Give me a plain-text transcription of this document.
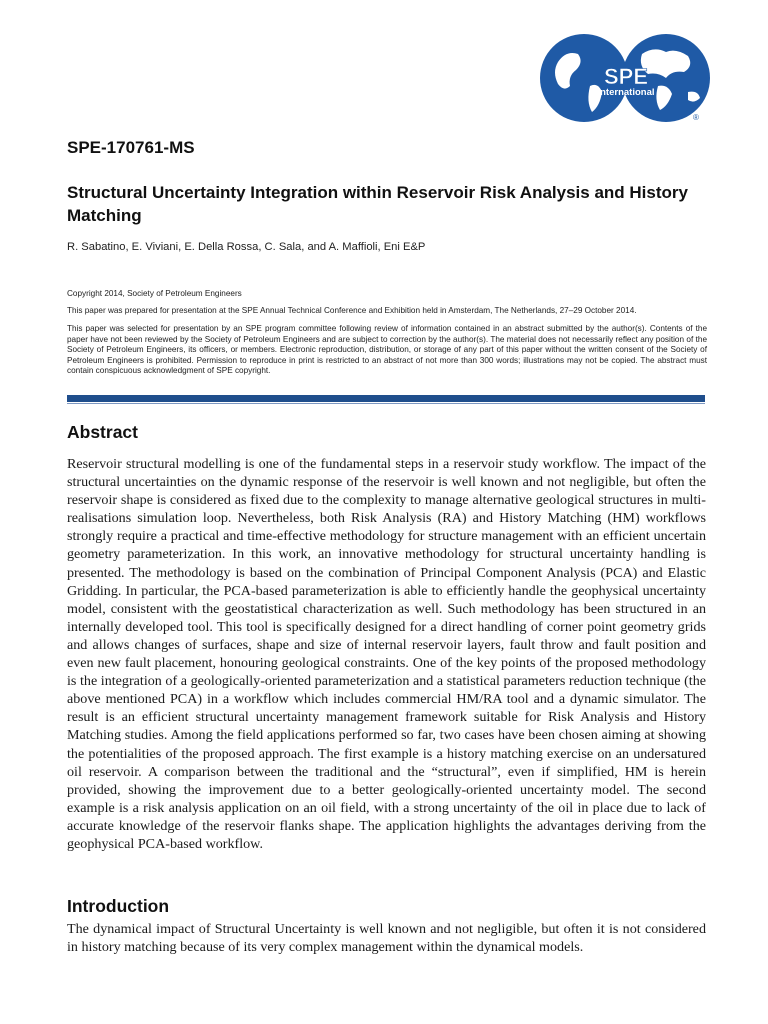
SPE
International
®
SPE-170761-MS
Structural Uncertainty Integration within Reservoir Risk Analysis and History Matching
R. Sabatino, E. Viviani, E. Della Rossa, C. Sala, and A. Maffioli, Eni E&P
Copyright 2014, Society of Petroleum Engineers
This paper was prepared for presentation at the SPE Annual Technical Conference and Exhibition held in Amsterdam, The Netherlands, 27–29 October 2014.
This paper was selected for presentation by an SPE program committee following review of information contained in an abstract submitted by the author(s). Contents of the paper have not been reviewed by the Society of Petroleum Engineers and are subject to correction by the author(s). The material does not necessarily reflect any position of the Society of Petroleum Engineers, its officers, or members. Electronic reproduction, distribution, or storage of any part of this paper without the written consent of the Society of Petroleum Engineers is prohibited. Permission to reproduce in print is restricted to an abstract of not more than 300 words; illustrations may not be copied. The abstract must contain conspicuous acknowledgment of SPE copyright.
Abstract

Reservoir structural modelling is one of the fundamental steps in a reservoir study workflow. The impact of the structural uncertainties on the dynamic response of the reservoir is well known and not negligible, but often the reservoir shape is considered as fixed due to the complexity to manage alternative geological structures in multi-realisations simulation loop. Nevertheless, both Risk Analysis (RA) and History Matching (HM) workflows strongly require a practical and time-effective methodology for structure management with an efficient uncertain geometry parameterization. In this work, an innovative methodology for structural uncertainty handling is presented. The methodology is based on the combination of Principal Component Analysis (PCA) and Elastic Gridding. In particular, the PCA-based parameterization is able to efficiently handle the geophysical uncertainty model, consistent with the geostatistical characterization as well. Such methodology has been structured in an internally developed tool. This tool is specifically designed for a direct handling of corner point geometry grids and allows changes of surfaces, shape and size of internal reservoir layers, fault throw and fault position and even new fault placement, honouring geological constraints. One of the key points of the proposed methodology is the integration of a geologically-oriented parameterization and a statistical parameters reduction technique (the above mentioned PCA) in a workflow which includes commercial HM/RA tool and a dynamic simulator. The result is an efficient structural uncertainty management framework suitable for Risk Analysis and History Matching studies. Among the field applications performed so far, two cases have been chosen aiming at showing the potentialities of the proposed approach. The first example is a history matching exercise on an undersatured oil reservoir. A comparison between the traditional and the “structural”, even if simplified, HM is herein provided, showing the improvement due to a better geologically-oriented uncertainty model. The second example is a risk analysis application on an oil field, with a strong uncertainty of the oil in place due to lack of accurate knowledge of the reservoir flanks shape. The application highlights the advantages deriving from the geophysical PCA-based workflow.

Introduction

The dynamical impact of Structural Uncertainty is well known and not negligible, but often it is not considered in history matching because of its very complex management within the dynamical models.
